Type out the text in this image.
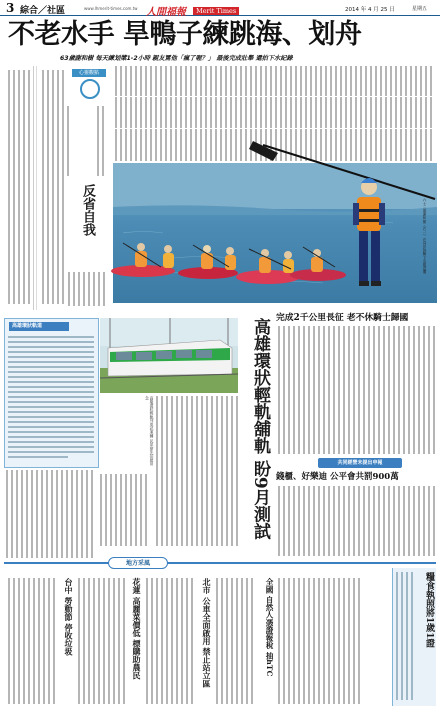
3 綜合／社區	www.lhmerit-times.com.tw 人間福報 Merit Times	2014 年 4 月 25 日	星期五
不老水手 旱鴨子練跳海、划舟
63歲謝和樹 每天練划槳1-2小時 親友罵他「瘋了喔？」 最後完成壯舉 還拍下水紀錄
心靈觀點
反省自我	六十三歲謝和樹（右一）在同伴鼓勵下克服恐懼
高雄環狀軌道	高雄環狀輕軌舖軌 盼9月測試
高雄環狀輕軌列車試運轉 民眾搶先拍照留念
完成2千公里長征 老不休騎士歸國
共同經營未提出申報
錢櫃、好樂迪 公平會共罰900萬
地方采風
花蓮 高麗菜價低 標購助農民
台中 勞動節 停收垃圾	北市 公車全面啟用 禁止站立區	全國 自然人憑證報稅 抽hTC	糧食執照將1歲1證
